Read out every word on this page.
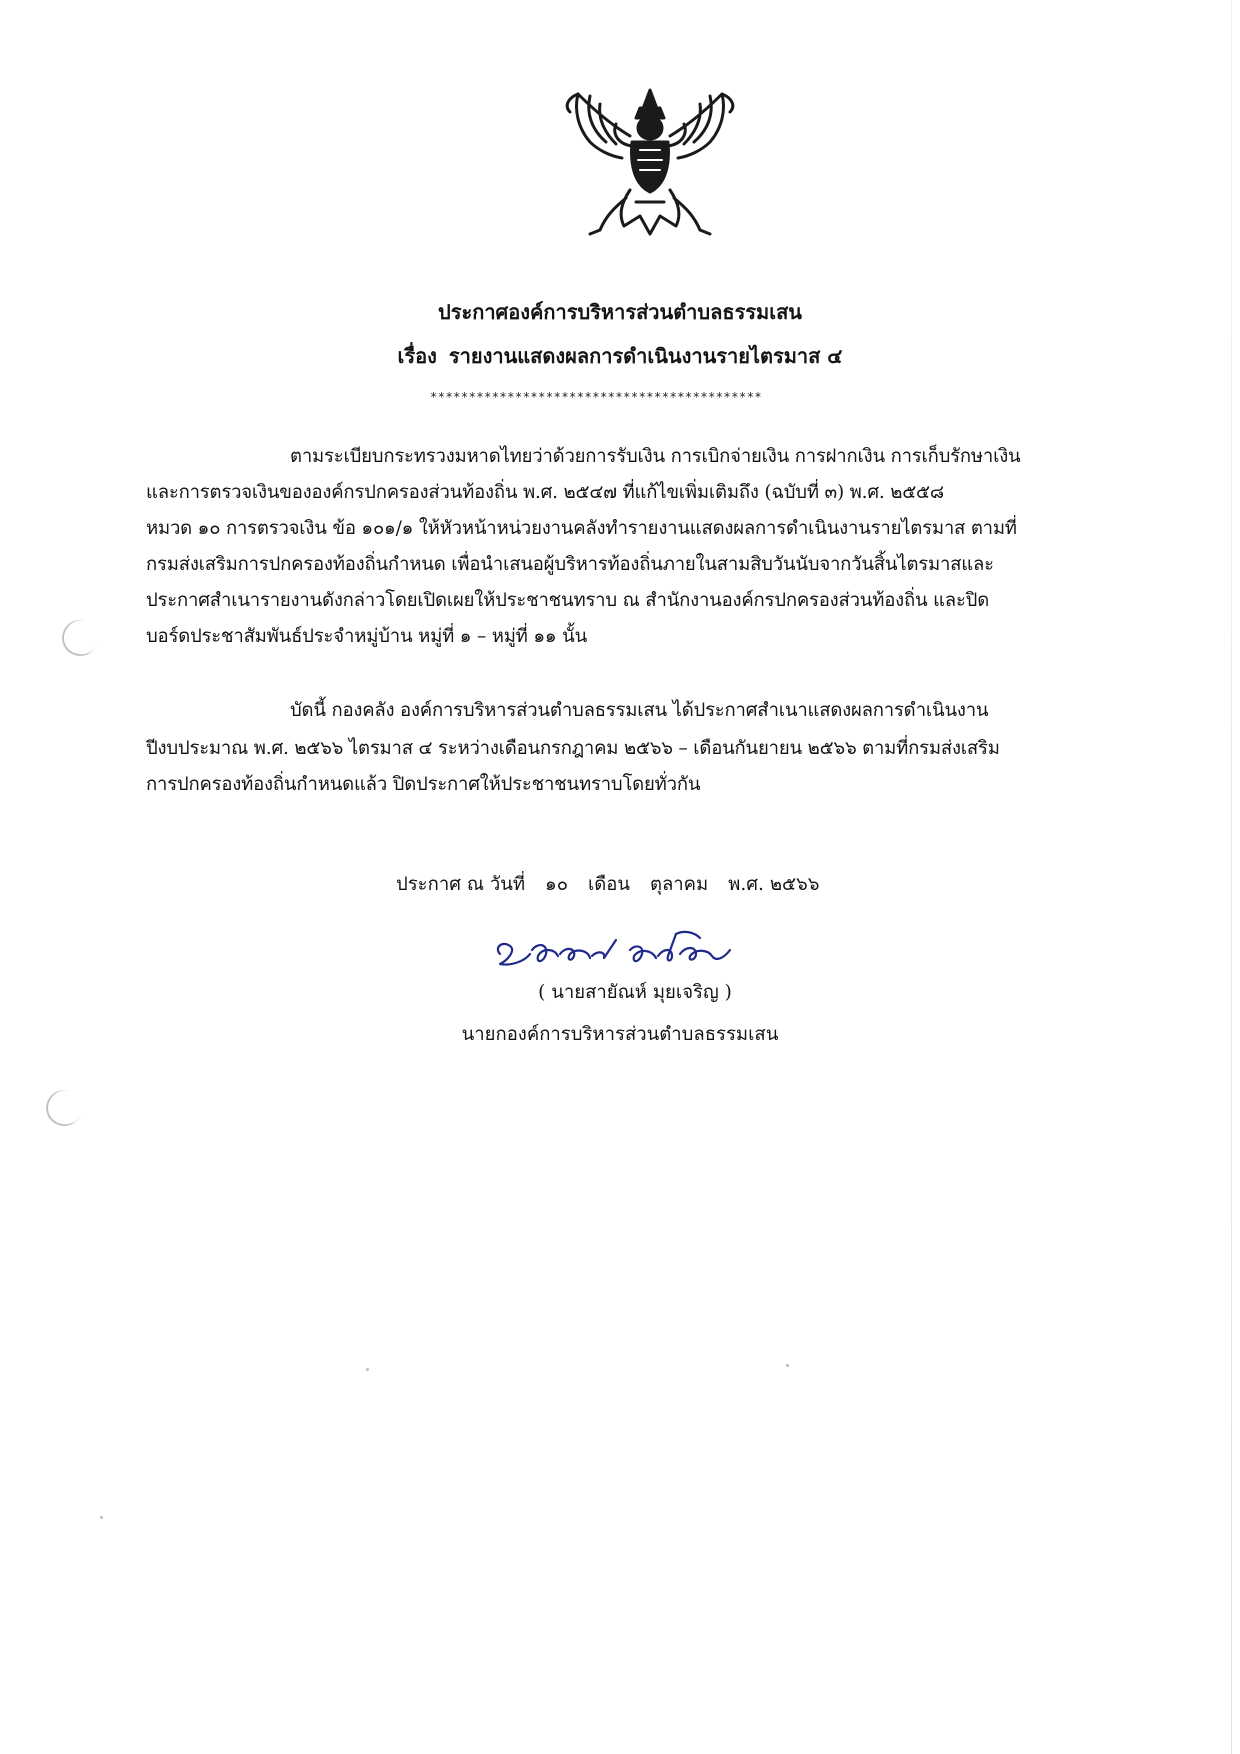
ประกาศองค์การบริหารส่วนตำบลธรรมเสน
เรื่อง รายงานแสดงผลการดำเนินงานรายไตรมาส ๔
*******************************************
ตามระเบียบกระทรวงมหาดไทยว่าด้วยการรับเงิน การเบิกจ่ายเงิน การฝากเงิน การเก็บรักษาเงิน
และการตรวจเงินขององค์กรปกครองส่วนท้องถิ่น พ.ศ. ๒๕๔๗ ที่แก้ไขเพิ่มเติมถึง (ฉบับที่ ๓) พ.ศ. ๒๕๕๘
หมวด ๑๐ การตรวจเงิน ข้อ ๑๐๑/๑ ให้หัวหน้าหน่วยงานคลังทำรายงานแสดงผลการดำเนินงานรายไตรมาส ตามที่
กรมส่งเสริมการปกครองท้องถิ่นกำหนด เพื่อนำเสนอผู้บริหารท้องถิ่นภายในสามสิบวันนับจากวันสิ้นไตรมาสและ
ประกาศสำเนารายงานดังกล่าวโดยเปิดเผยให้ประชาชนทราบ ณ สำนักงานองค์กรปกครองส่วนท้องถิ่น และปิด
บอร์ดประชาสัมพันธ์ประจำหมู่บ้าน หมู่ที่ ๑ – หมู่ที่ ๑๑ นั้น
บัดนี้ กองคลัง องค์การบริหารส่วนตำบลธรรมเสน ได้ประกาศสำเนาแสดงผลการดำเนินงาน
ปีงบประมาณ พ.ศ. ๒๕๖๖ ไตรมาส ๔ ระหว่างเดือนกรกฎาคม ๒๕๖๖ – เดือนกันยายน ๒๕๖๖ ตามที่กรมส่งเสริม
การปกครองท้องถิ่นกำหนดแล้ว ปิดประกาศให้ประชาชนทราบโดยทั่วกัน
ประกาศ ณ วันที่ ๑๐ เดือน ตุลาคม พ.ศ. ๒๕๖๖
( นายสายัณห์ มุยเจริญ )
นายกองค์การบริหารส่วนตำบลธรรมเสน
